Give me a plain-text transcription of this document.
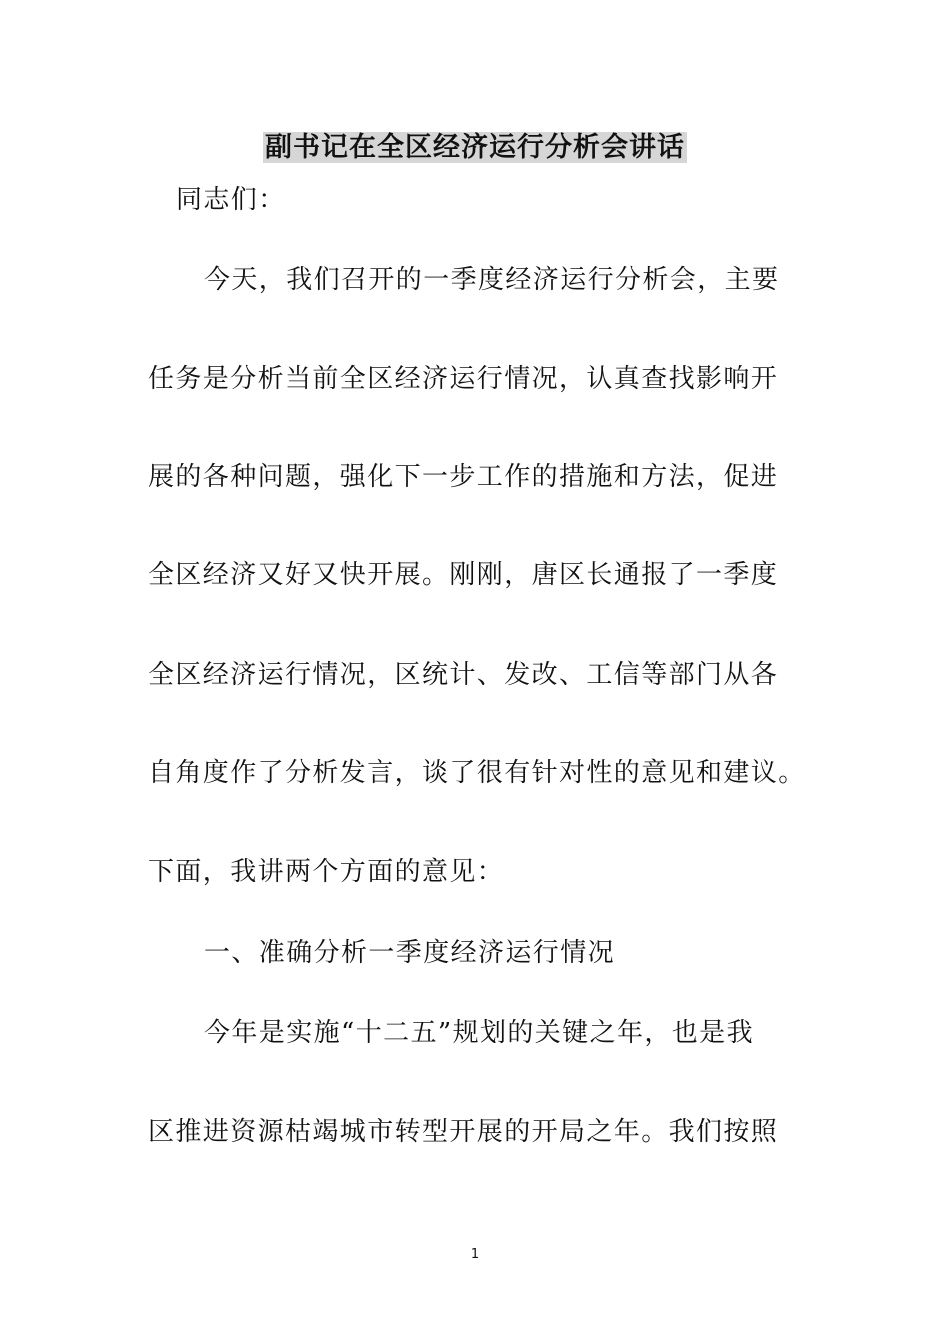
副书记在全区经济运行分析会讲话
同志们：
今天，我们召开的一季度经济运行分析会，主要
任务是分析当前全区经济运行情况，认真查找影响开
展的各种问题，强化下一步工作的措施和方法，促进
全区经济又好又快开展。刚刚，唐区长通报了一季度
全区经济运行情况，区统计、发改、工信等部门从各
自角度作了分析发言，谈了很有针对性的意见和建议。
下面，我讲两个方面的意见：
一、准确分析一季度经济运行情况
今年是实施“十二五”规划的关键之年，也是我
区推进资源枯竭城市转型开展的开局之年。我们按照
1
